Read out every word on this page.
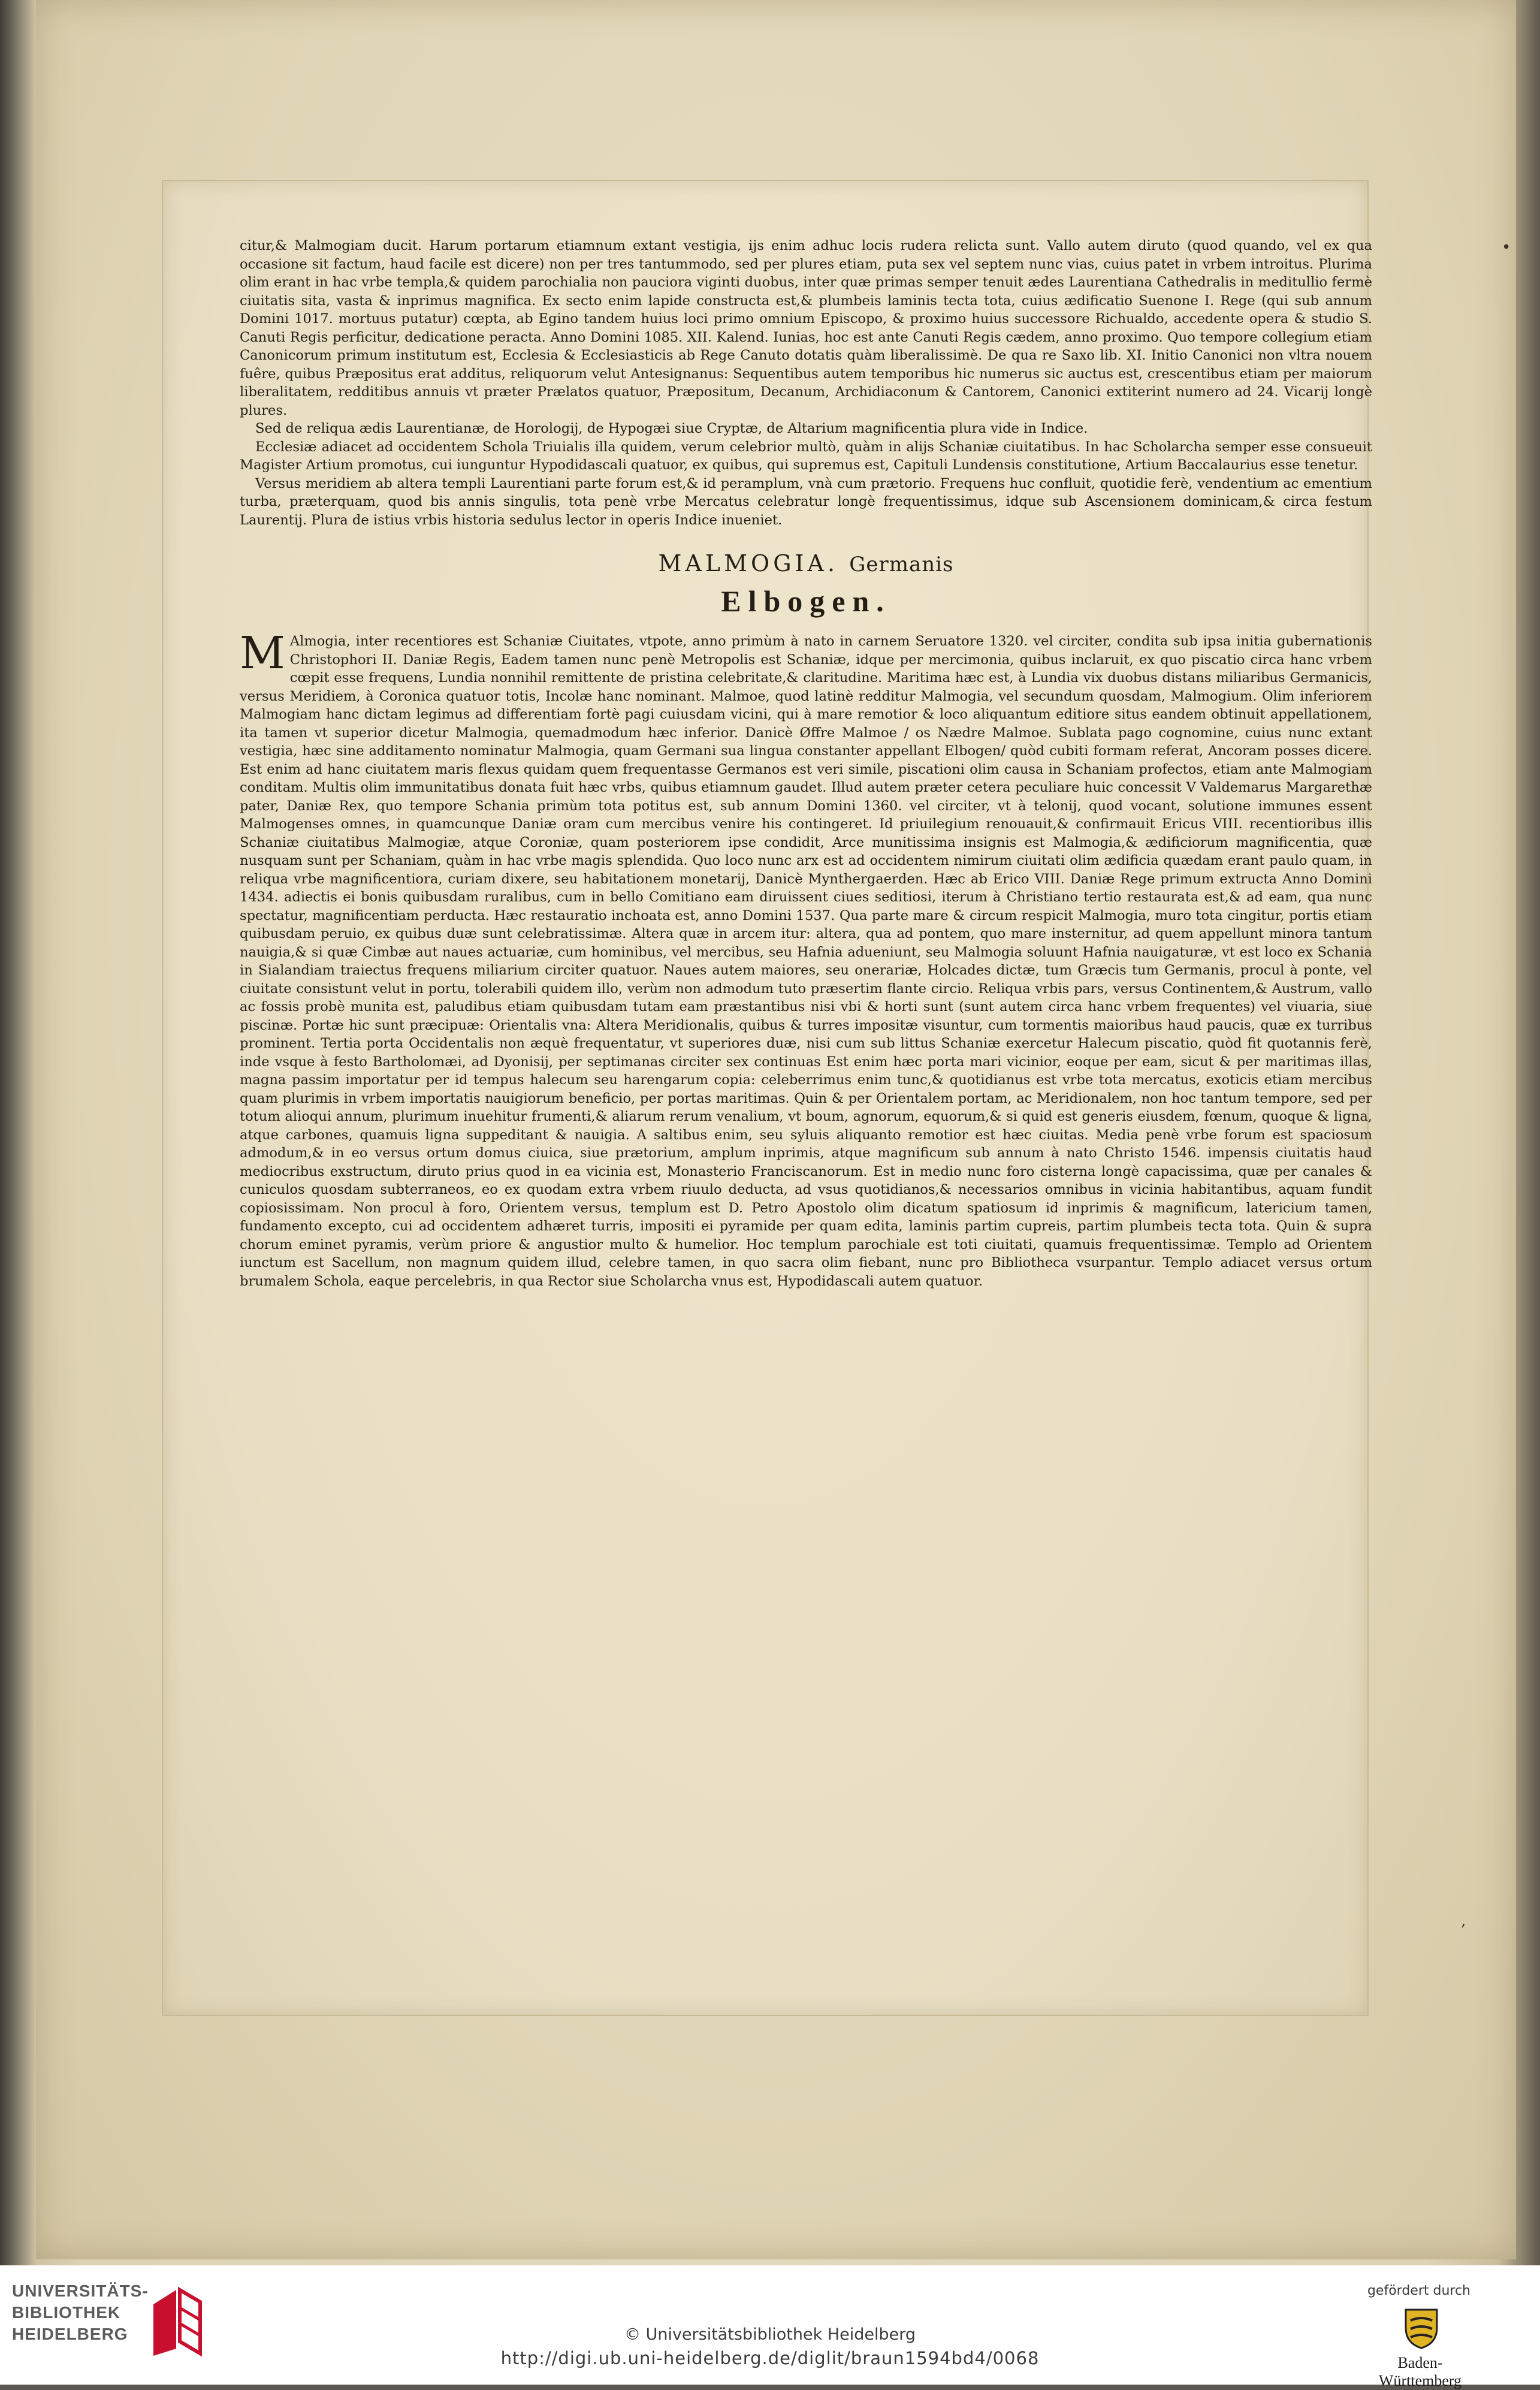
citur,& Malmogiam ducit. Harum portarum etiamnum extant vestigia, ijs enim adhuc locis rudera relicta sunt. Vallo autem diruto (quod quando, vel ex qua occasione sit factum, haud facile est dicere) non per tres tantummodo, sed per plures etiam, puta sex vel septem nunc vias, cuius patet in vrbem introitus. Plurima olim erant in hac vrbe templa,& quidem parochialia non pauciora viginti duobus, inter quæ primas semper tenuit ædes Laurentiana Cathedralis in meditullio fermè ciuitatis sita, vasta & inprimus magnifica. Ex secto enim lapide constructa est,& plumbeis laminis tecta tota, cuius ædificatio Suenone I. Rege (qui sub annum Domini 1017. mortuus putatur) cœpta, ab Egino tandem huius loci primo omnium Episcopo, & proximo huius successore Richualdo, accedente opera & studio S. Canuti Regis perficitur, dedicatione peracta. Anno Domini 1085. XII. Kalend. Iunias, hoc est ante Canuti Regis cædem, anno proximo. Quo tempore collegium etiam Canonicorum primum institutum est, Ecclesia & Ecclesiasticis ab Rege Canuto dotatis quàm liberalissimè. De qua re Saxo lib. XI. Initio Canonici non vltra nouem fuêre, quibus Præpositus erat additus, reliquorum velut Antesignanus: Sequentibus autem temporibus hic numerus sic auctus est, crescentibus etiam per maiorum liberalitatem, redditibus annuis vt præter Prælatos quatuor, Præpositum, Decanum, Archidiaconum & Cantorem, Canonici extiterint numero ad 24. Vicarij longè plures.

Sed de reliqua ædis Laurentianæ, de Horologij, de Hypogæi siue Cryptæ, de Altarium magnificentia plura vide in Indice.

Ecclesiæ adiacet ad occidentem Schola Triuialis illa quidem, verum celebrior multò, quàm in alijs Schaniæ ciuitatibus. In hac Scholarcha semper esse consueuit Magister Artium promotus, cui iunguntur Hypodidascali quatuor, ex quibus, qui supremus est, Capituli Lundensis constitutione, Artium Baccalaurius esse tenetur.

Versus meridiem ab altera templi Laurentiani parte forum est,& id peramplum, vnà cum prætorio. Frequens huc confluit, quotidie ferè, vendentium ac ementium turba, præterquam, quod bis annis singulis, tota penè vrbe Mercatus celebratur longè frequentissimus, idque sub Ascensionem dominicam,& circa festum Laurentij. Plura de istius vrbis historia sedulus lector in operis Indice inueniet.

MALMOGIA. Germanis
Elbogen.

M Almogia, inter recentiores est Schaniæ Ciuitates, vtpote, anno primùm à nato in carnem Seruatore 1320. vel circiter, condita sub ipsa initia gubernationis Christophori II. Daniæ Regis, Eadem tamen nunc penè Metropolis est Schaniæ, idque per mercimonia, quibus inclaruit, ex quo piscatio circa hanc vrbem cœpit esse frequens, Lundia nonnihil remittente de pristina celebritate,& claritudine. Maritima hæc est, à Lundia vix duobus distans miliaribus Germanicis, versus Meridiem, à Coronica quatuor totis, Incolæ hanc nominant. Malmoe, quod latinè redditur Malmogia, vel secundum quosdam, Malmogium. Olim inferiorem Malmogiam hanc dictam legimus ad differentiam fortè pagi cuiusdam vicini, qui à mare remotior & loco aliquantum editiore situs eandem obtinuit appellationem, ita tamen vt superior dicetur Malmogia, quemadmodum hæc inferior. Danicè Øffre Malmoe / os Nædre Malmoe. Sublata pago cognomine, cuius nunc extant vestigia, hæc sine additamento nominatur Malmogia, quam Germani sua lingua constanter appellant Elbogen/ quòd cubiti formam referat, Ancoram posses dicere. Est enim ad hanc ciuitatem maris flexus quidam quem frequentasse Germanos est veri simile, piscationi olim causa in Schaniam profectos, etiam ante Malmogiam conditam. Multis olim immunitatibus donata fuit hæc vrbs, quibus etiamnum gaudet. Illud autem præter cetera peculiare huic concessit V Valdemarus Margarethæ pater, Daniæ Rex, quo tempore Schania primùm tota potitus est, sub annum Domini 1360. vel circiter, vt à telonij, quod vocant, solutione immunes essent Malmogenses omnes, in quamcunque Daniæ oram cum mercibus venire his contingeret. Id priuilegium renouauit,& confirmauit Ericus VIII. recentioribus illis Schaniæ ciuitatibus Malmogiæ, atque Coroniæ, quam posteriorem ipse condidit, Arce munitissima insignis est Malmogia,& ædificiorum magnificentia, quæ nusquam sunt per Schaniam, quàm in hac vrbe magis splendida. Quo loco nunc arx est ad occidentem nimirum ciuitati olim ædificia quædam erant paulo quam, in reliqua vrbe magnificentiora, curiam dixere, seu habitationem monetarij, Danicè Mynthergaerden. Hæc ab Erico VIII. Daniæ Rege primum extructa Anno Domini 1434. adiectis ei bonis quibusdam ruralibus, cum in bello Comitiano eam diruissent ciues seditiosi, iterum à Christiano tertio restaurata est,& ad eam, qua nunc spectatur, magnificentiam perducta. Hæc restauratio inchoata est, anno Domini 1537. Qua parte mare & circum respicit Malmogia, muro tota cingitur, portis etiam quibusdam peruio, ex quibus duæ sunt celebratissimæ. Altera quæ in arcem itur: altera, qua ad pontem, quo mare insternitur, ad quem appellunt minora tantum nauigia,& si quæ Cimbæ aut naues actuariæ, cum hominibus, vel mercibus, seu Hafnia adueniunt, seu Malmogia soluunt Hafnia nauigaturæ, vt est loco ex Schania in Sialandiam traiectus frequens miliarium circiter quatuor. Naues autem maiores, seu onerariæ, Holcades dictæ, tum Græcis tum Germanis, procul à ponte, vel ciuitate consistunt velut in portu, tolerabili quidem illo, verùm non admodum tuto præsertim flante circio. Reliqua vrbis pars, versus Continentem,& Austrum, vallo ac fossis probè munita est, paludibus etiam quibusdam tutam eam præstantibus nisi vbi & horti sunt (sunt autem circa hanc vrbem frequentes) vel viuaria, siue piscinæ. Portæ hic sunt præcipuæ: Orientalis vna: Altera Meridionalis, quibus & turres impositæ visuntur, cum tormentis maioribus haud paucis, quæ ex turribus prominent. Tertia porta Occidentalis non æquè frequentatur, vt superiores duæ, nisi cum sub littus Schaniæ exercetur Halecum piscatio, quòd fit quotannis ferè, inde vsque à festo Bartholomæi, ad Dyonisij, per septimanas circiter sex continuas Est enim hæc porta mari vicinior, eoque per eam, sicut & per maritimas illas, magna passim importatur per id tempus halecum seu harengarum copia: celeberrimus enim tunc,& quotidianus est vrbe tota mercatus, exoticis etiam mercibus quam plurimis in vrbem importatis nauigiorum beneficio, per portas maritimas. Quin & per Orientalem portam, ac Meridionalem, non hoc tantum tempore, sed per totum alioqui annum, plurimum inuehitur frumenti,& aliarum rerum venalium, vt boum, agnorum, equorum,& si quid est generis eiusdem, fœnum, quoque & ligna, atque carbones, quamuis ligna suppeditant & nauigia. A saltibus enim, seu syluis aliquanto remotior est hæc ciuitas. Media penè vrbe forum est spaciosum admodum,& in eo versus ortum domus ciuica, siue prætorium, amplum inprimis, atque magnificum sub annum à nato Christo 1546. impensis ciuitatis haud mediocribus exstructum, diruto prius quod in ea vicinia est, Monasterio Franciscanorum. Est in medio nunc foro cisterna longè capacissima, quæ per canales & cuniculos quosdam subterraneos, eo ex quodam extra vrbem riuulo deducta, ad vsus quotidianos,& necessarios omnibus in vicinia habitantibus, aquam fundit copiosissimam. Non procul à foro, Orientem versus, templum est D. Petro Apostolo olim dicatum spatiosum id inprimis & magnificum, latericium tamen, fundamento excepto, cui ad occidentem adhæret turris, impositi ei pyramide per quam edita, laminis partim cupreis, partim plumbeis tecta tota. Quin & supra chorum eminet pyramis, verùm priore & angustior multo & humelior. Hoc templum parochiale est toti ciuitati, quamuis frequentissimæ. Templo ad Orientem iunctum est Sacellum, non magnum quidem illud, celebre tamen, in quo sacra olim fiebant, nunc pro Bibliotheca vsurpantur. Templo adiacet versus ortum brumalem Schola, eaque percelebris, in qua Rector siue Scholarcha vnus est, Hypodidascali autem quatuor.

•
‚
UNIVERSITÄTS-
BIBLIOTHEK
HEIDELBERG	© Universitätsbibliothek Heidelberg
http://digi.ub.uni-heidelberg.de/diglit/braun1594bd4/0068
gefördert durch
Baden-Württemberg
